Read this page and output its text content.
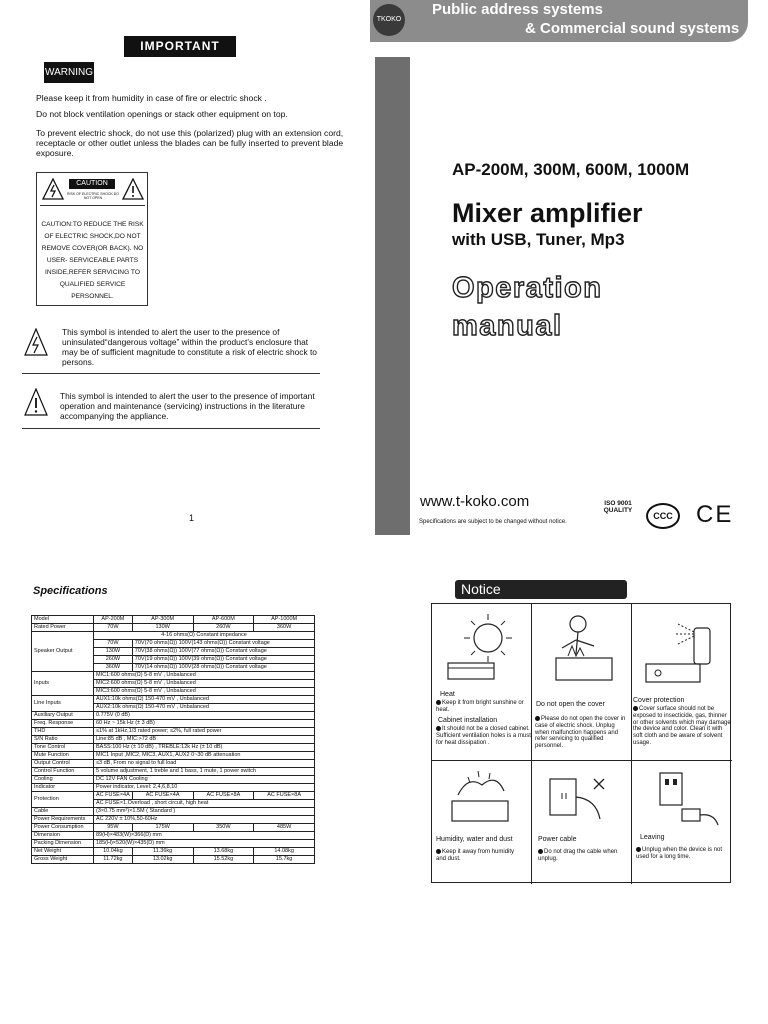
TKOKO
Public address systems
& Commercial sound systems
IMPORTANT
WARNING
Please keep it from humidity in case of fire or electric shock .
Do not block ventilation openings or stack other equipment on top.
To prevent electric shock, do not use this (polarized) plug with an extension cord, receptacle or other outlet unless the blades can be fully inserted to prevent blade exposure.
CAUTION
RISK OF ELECTRIC SHOCK DO NOT OPEN
CAUTION:TO REDUCE THE RISK OF ELECTRIC SHOCK,DO NOT REMOVE COVER(OR BACK). NO USER- SERVICEABLE PARTS INSIDE,REFER SERVICING TO QUALIFIED SERVICE PERSONNEL.
This symbol is intended to alert the user to the presence of uninsulated“dangerous voltage” within the product’s enclosure that may be of sufficient magnitude to constitute a risk of electric shock to persons.
This symbol is intended to alert the user to the presence of important operation and maintenance (servicing) instructions in the literature accompanying the appliance.
1
AP-200M, 300M, 600M, 1000M
Mixer amplifier
with USB, Tuner, Mp3
Operation
manual
www.t-koko.com
Specifications are subject to be changed without notice.
ISO 9001 QUALITY
CCC CE
Specifications
Model	AP-200M	AP-300M	AP-600M	AP-1000M
Rated Power	70W	130W	260W	360W
Speaker Output	4-16 ohms(Ω) Constant impedance			
	70W	70V(70 ohms(Ω)) 100V(143 ohms(Ω)) Constant voltage		
	130W	70V(38 ohms(Ω)) 100V(77 ohms(Ω)) Constant voltage		
	260W	70V(19 ohms(Ω)) 100V(39 ohms(Ω)) Constant voltage		
	360W	70V(14 ohms(Ω)) 100V(28 ohms(Ω)) Constant voltage		
Inputs	MIC1:600 ohms(Ω) 5-8 mV , Unbalanced			
	MIC2:600 ohms(Ω) 5-8 mV , Unbalanced			
	MIC3:600 ohms(Ω) 5-8 mV , Unbalanced			
Line Inputs	AUX1:10k ohms(Ω) 150-470 mV , Unbalanced			
	AUX2:10k ohms(Ω) 150-470 mV , Unbalanced			
Auxiliary Output	0.775V (0 dB)			
Freq. Response	60 Hz ~ 15k Hz (± 3 dB)			
THD	≤1% at 1kHz,1/3 rated power; ≤2%, full rated power			
S/N Ratio	Line:85 dB , MIC:>72 dB			
Tone Control	BASS:100 Hz (± 10 dB) , TREBLE:12k Hz (± 10 dB)			
Mute Function	MIC1 Input ,MIC2, MIC3, AUX1, AUX2 0~30 dB attenuation			
Output Control	≤3 dB, From no signal to full load			
Control Function	5 volume adjustment, 1 treble and 1 bass, 1 mute, 1 power switch			
Cooling	DC 12V FAN Cooling			
Indicator	Power indicator, Level: 2,4,6,8,10			
Protection	AC FUSE×4A	AC FUSE×4A	AC FUSE×8A	AC FUSE×8A
	AC FUSE×1.Overload , short circuit, high heat			
Cable	(3×0.75 mm²)×1.5M ( Standard )			
Power Requirements	AC 220V ± 10%,50-60Hz			
Power Consumption	95W	175W	350W	485W
Dimension	89(H)×483(W)×366(D) mm			
Packing Dimension	185(H)×520(W)×435(D) mm			
Net Weight	10.04kg	11.36kg	13.68kg	14.08kg
Gross Weight	11.72kg	13.02kg	15.52kg	15.7kg
Notice
Heat
Keep it from bright sunshine or heat.
Cabinet installation
It should not be a closed cabinet. Sufficient ventilation holes is a must for heat dissipation .
Do not open the cover
Please do not open the cover in case of electric shock. Unplug when malfunction happens and refer servicing to qualified personnel.
Cover protection
Cover surface should not be exposed to insecticide, gas, thinner or other solvents which may damage the device and color. Clean it with soft cloth and be aware of solvent usage.
Humidity, water and dust
Keep it away from humidity and dust.
Power cable
Do not drag the cable when unplug.
Leaving
Unplug when the device is not used for a long time.
